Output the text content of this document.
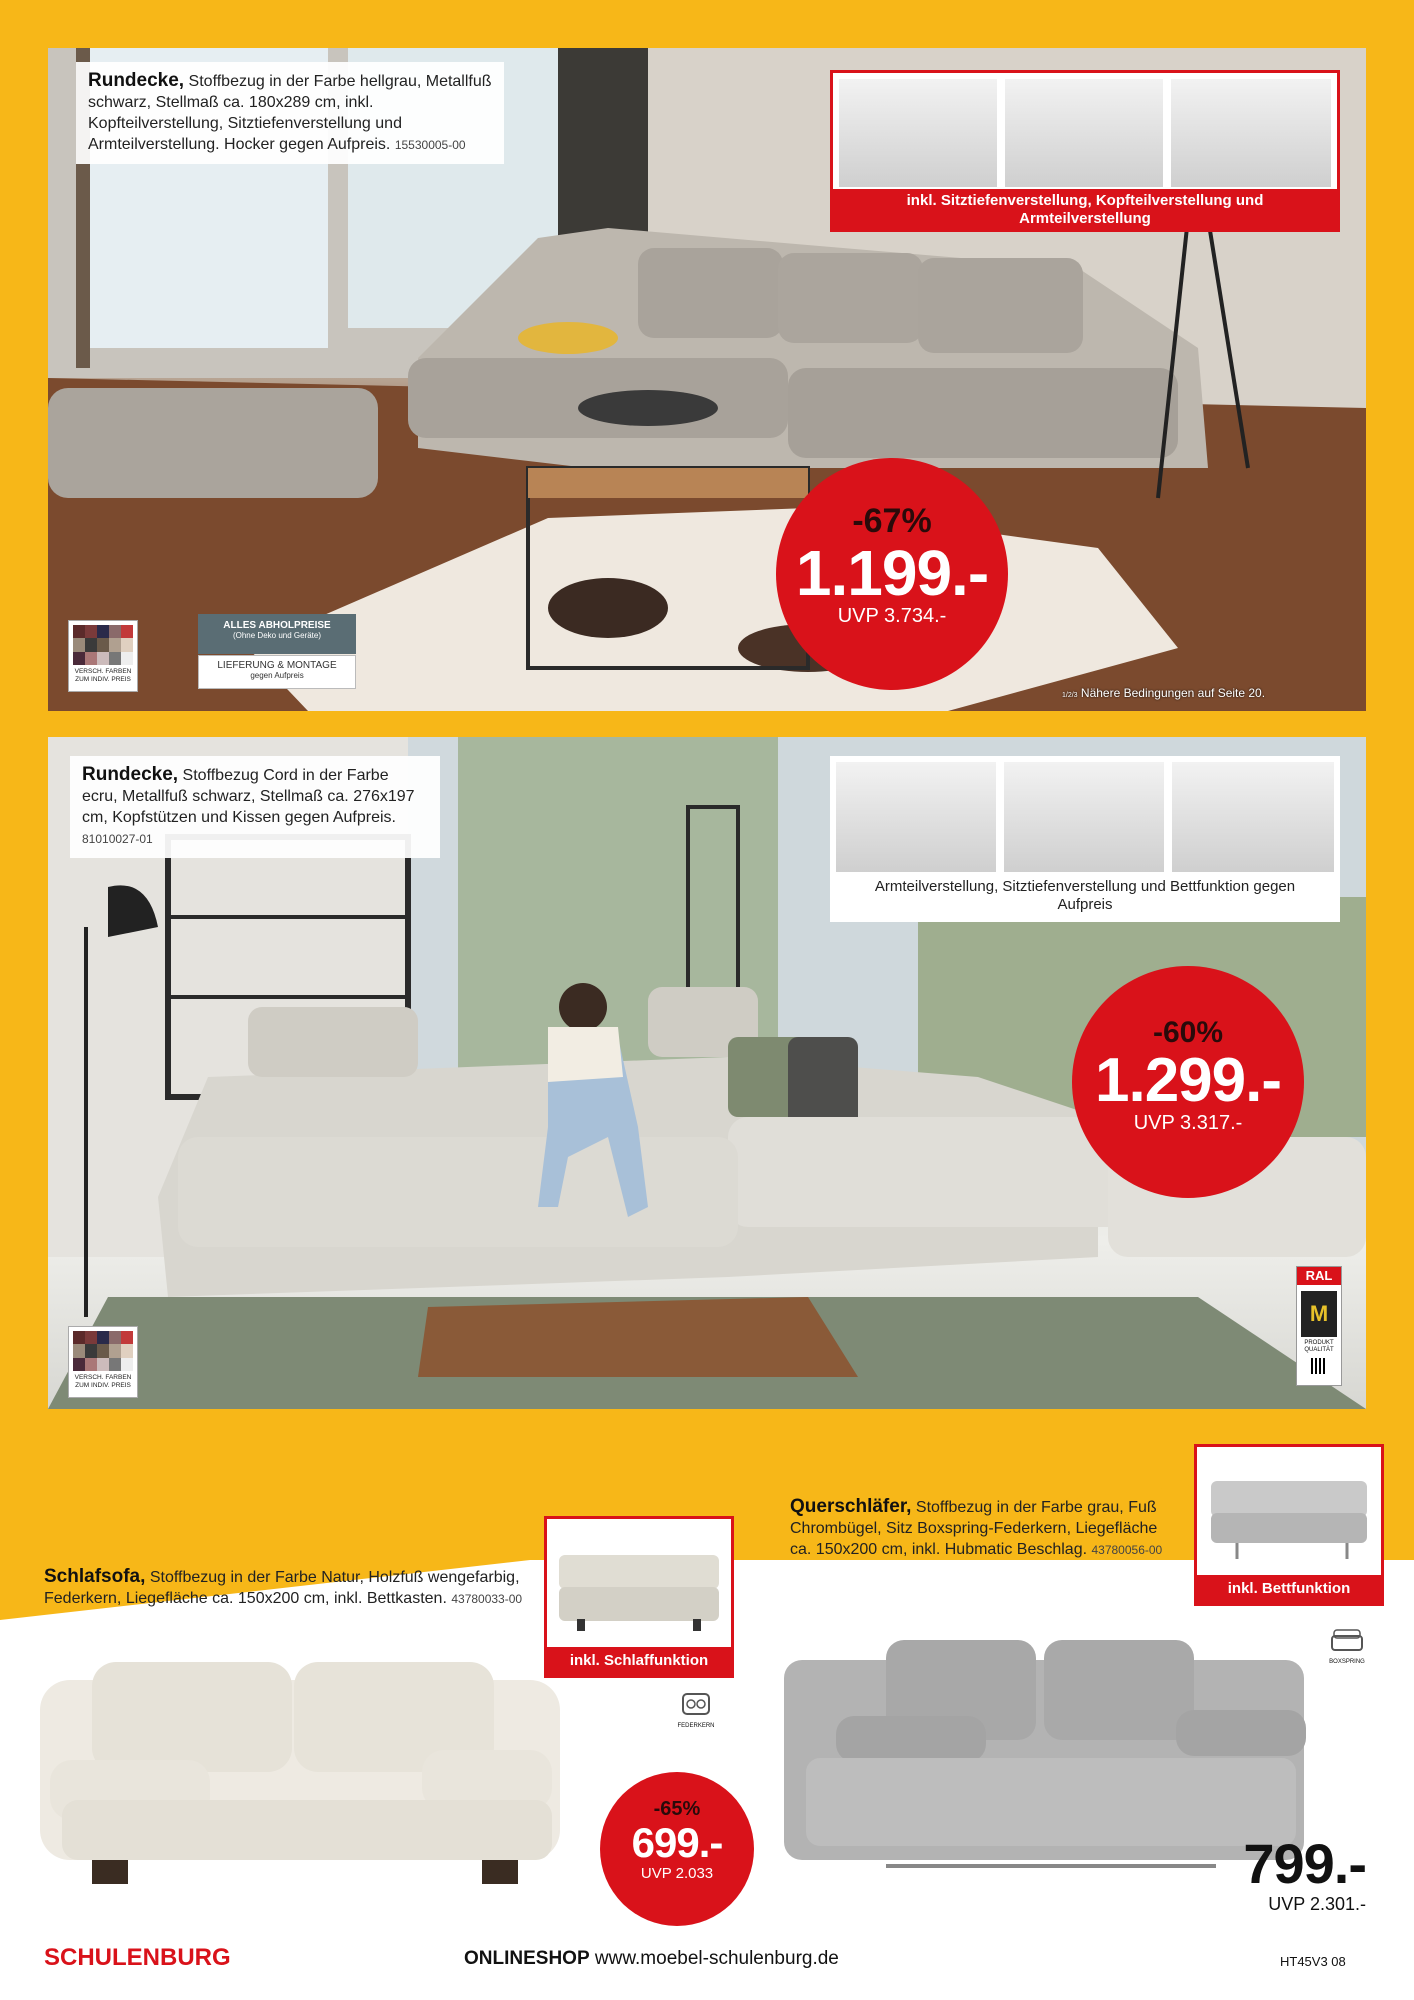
Rundecke, Stoffbezug in der Farbe hellgrau, Metallfuß schwarz, Stellmaß ca. 180x289 cm, inkl. Kopfteilverstellung, Sitztiefenverstellung und Armteilverstellung. Hocker gegen Aufpreis. 15530005-00
inkl. Sitztiefenverstellung, Kopfteilverstellung und Armteilverstellung
-67%
1.199.-
UVP 3.734.-
VERSCH. FARBEN ZUM INDIV. PREIS
ALLES ABHOLPREISE
(Ohne Deko und Geräte)
LIEFERUNG & MONTAGE
gegen Aufpreis
1/2/3 Nähere Bedingungen auf Seite 20.
Rundecke, Stoffbezug Cord in der Farbe ecru, Metallfuß schwarz, Stellmaß ca. 276x197 cm, Kopfstützen und Kissen gegen Aufpreis. 81010027-01
Armteilverstellung, Sitztiefenverstellung und Bettfunktion gegen Aufpreis
-60%
1.299.-
UVP 3.317.-
VERSCH. FARBEN ZUM INDIV. PREIS
RAL
M
PRODUKT QUALITÄT
Schlafsofa, Stoffbezug in der Farbe Natur, Holzfuß wengefarbig, Federkern, Liegefläche ca. 150x200 cm, inkl. Bettkasten. 43780033-00
inkl. Schlaffunktion
FEDERKERN
-65%
699.-
UVP 2.033
Querschläfer, Stoffbezug in der Farbe grau, Fuß Chrombügel, Sitz Boxspring-Federkern, Liegefläche ca. 150x200 cm, inkl. Hubmatic Beschlag. 43780056-00
inkl. Bettfunktion
BOXSPRING
799.-
UVP 2.301.-
SCHULENBURG	ONLINESHOP www.moebel-schulenburg.de	HT45V3 08
